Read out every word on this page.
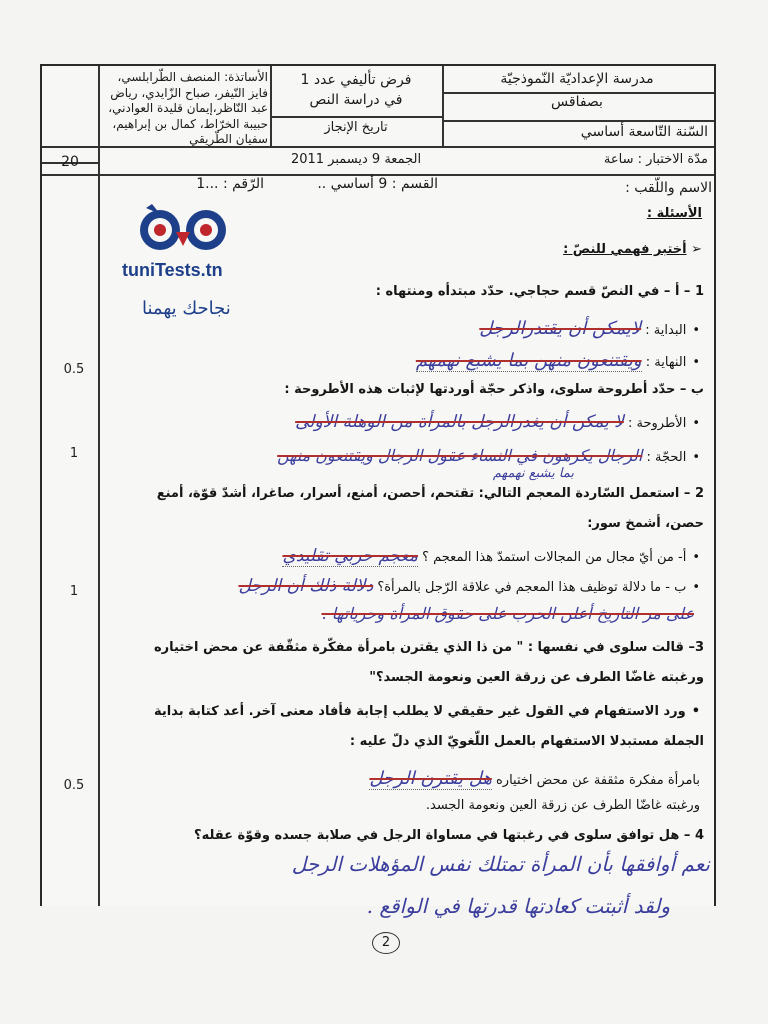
مدرسة الإعداديّة النّموذجيّة
بصفاقس
السّنة التّاسعة أساسي
مدّة الاختبار : ساعة
فرض تأليفي عدد 1
في دراسة النص
تاريخ الإنجاز
الجمعة 9 ديسمبر 2011
الأساتذة: المنصف الطّرابلسي،
فايز النّيفر، صباح الزّايدي، رياض
عبد النّاظر،إيمان قليدة العوادني،
حبيبة الخرّاط، كمال بن إبراهيم،
سفيان الطّريقي
20
الاسم واللّقب :
القسم : 9 أساسي ..
الرّقم : ...1
tuniTests.tn
نجاحك يهمنا
الأسئلة :
➢ أختبر فهمي للنصّ :
1 – أ – في النصّ قسم حجاجي. حدّد مبتدأه ومنتهاه :
• البداية : لايمكن أن يقتدرالرجل
• النهاية : ويقتنعون منهن بما يشبع نهمهم
0.5
ب – حدّد أطروحة سلوى، واذكر حجّة أوردتها لإثبات هذه الأطروحة :
• الأطروحة : لا يمكن أن يغدرالرجل بالمرأة من الوهلة الأولى
• الحجّة : الرجال يكرهون في النساء عقول الرجال ويقتنعون منهن
بما يشبع نهمهم
1
2 – استعمل السّاردة المعجم التالي: تقتحم، أحصن، أمنع، أسرار، صاغرا، أشدّ قوّة، أمنع
حصن، أشمخ سور:
• أ- من أيّ مجال من المجالات استمدّ هذا المعجم ؟ معجم حربي تقليدي
• ب - ما دلالة توظيف هذا المعجم في علاقة الرّجل بالمرأة؟ دلالة ذلك أن الرجل
على مر التاريخ أعلن الحرب على حقوق المرأة وحرياتها .
1
3– قالت سلوى في نفسها : " من ذا الذي يقترن بامرأة مفكّرة مثقّفة عن محض اختياره
ورغبته غاضّا الطرف عن زرقة العين ونعومة الجسد؟"
• ورد الاستفهام في القول غير حقيقي لا يطلب إجابة فأفاد معنى آخر. أعد كتابة بداية
الجملة مستبدلا الاستفهام بالعمل اللّغويّ الذي دلّ عليه :
بامرأة مفكرة مثقفة عن محض اختياره هل يقترن الرجل
ورغبته غاضّا الطرف عن زرقة العين ونعومة الجسد.
0.5
4 – هل توافق سلوى في رغبتها في مساواة الرجل في صلابة جسده وقوّة عقله؟
نعم أوافقها بأن المرأة تمتلك نفس المؤهلات الرجل
ولقد أثبتت كعادتها قدرتها في الواقع .
2
